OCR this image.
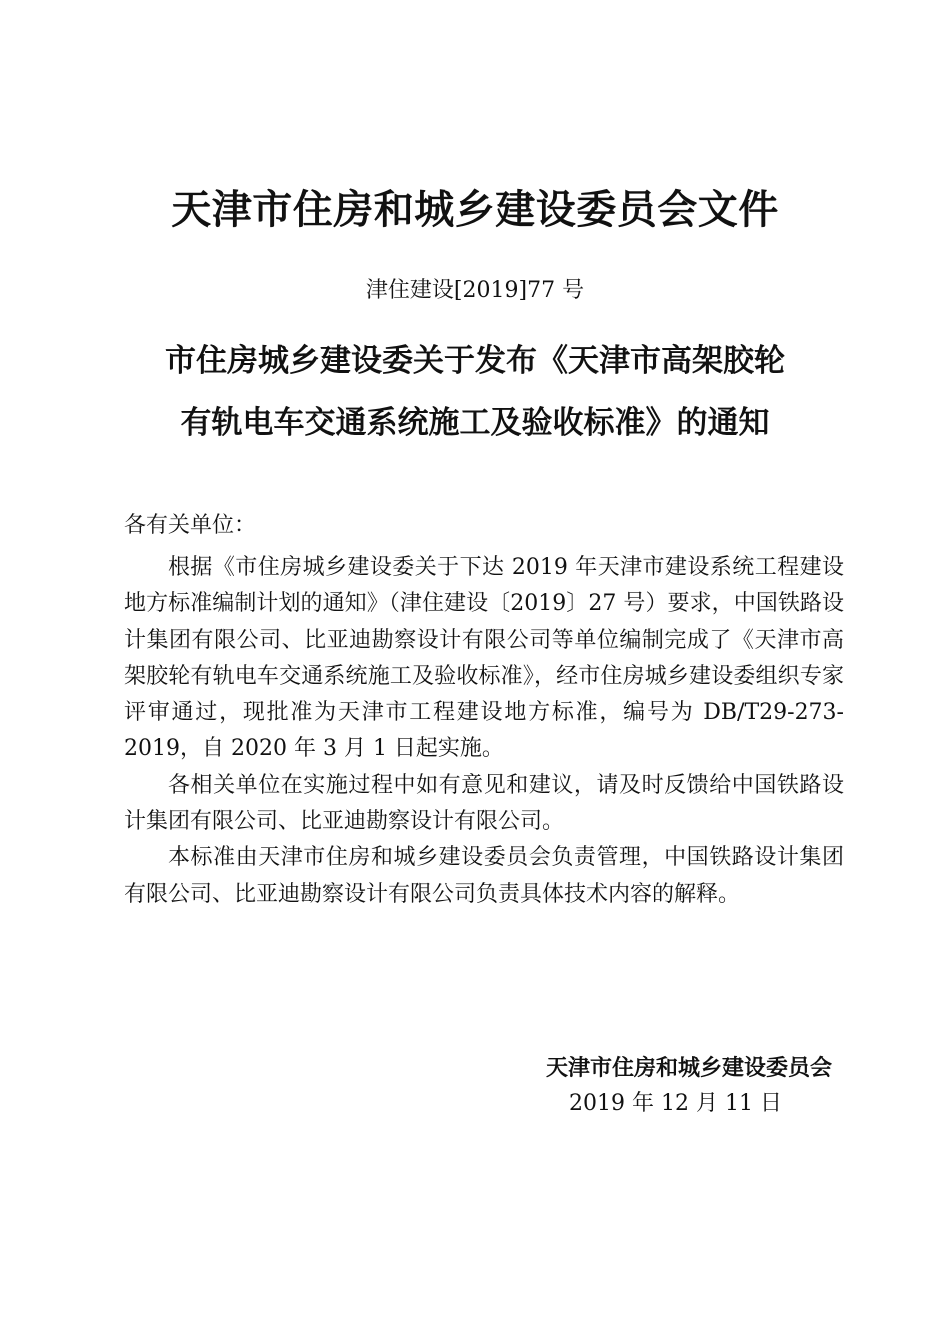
天津市住房和城乡建设委员会文件
津住建设[2019]77 号
市住房城乡建设委关于发布《天津市高架胶轮
有轨电车交通系统施工及验收标准》的通知
各有关单位：

根据《市住房城乡建设委关于下达 2019 年天津市建设系统工程建设地方标准编制计划的通知》（津住建设〔2019〕27 号）要求，中国铁路设计集团有限公司、比亚迪勘察设计有限公司等单位编制完成了《天津市高架胶轮有轨电车交通系统施工及验收标准》，经市住房城乡建设委组织专家评审通过，现批准为天津市工程建设地方标准，编号为 DB/T29-273-2019，自 2020 年 3 月 1 日起实施。

各相关单位在实施过程中如有意见和建议，请及时反馈给中国铁路设计集团有限公司、比亚迪勘察设计有限公司。

本标准由天津市住房和城乡建设委员会负责管理，中国铁路设计集团有限公司、比亚迪勘察设计有限公司负责具体技术内容的解释。

天津市住房和城乡建设委员会
2019 年 12 月 11 日
